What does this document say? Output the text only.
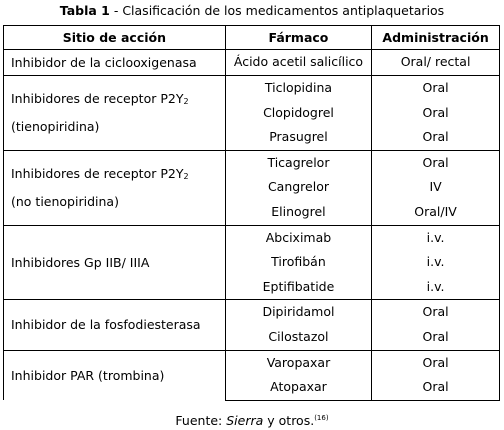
Tabla 1 - Clasificación de los medicamentos antiplaquetarios
Sitio de acción	Fármaco	Administración

Inhibidor de la ciclooxigenasa	Ácido acetil salicílico	Oral/ rectal

Inhibidores de receptor $P2Y_2$
(tienopiridina)	Ticlopidina	Oral
	Clopidogrel	Oral
	Prasugrel	Oral

Inhibidores de receptor $P2Y_2$
(no tienopiridina)	Ticagrelor	Oral
	Cangrelor	IV
	Elinogrel	Oral/IV

Inhibidores Gp IIB/ IIIA	Abciximab	i.v.
	Tirofibán	i.v.
	Eptifibatide	i.v.

Inhibidor de la fosfodiesterasa	Dipiridamol	Oral
	Cilostazol	Oral

Inhibidor PAR (trombina)	Varopaxar	Oral
	Atopaxar	Oral
Fuente: Sierra y otros.$^{(16)}$
